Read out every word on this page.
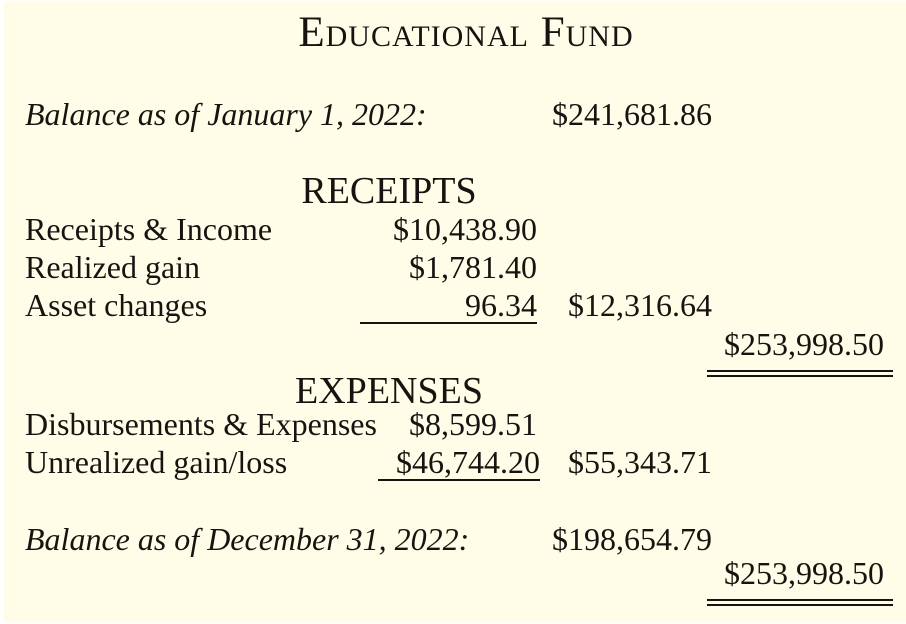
Educational Fund
Balance as of January 1, 2022:	$241,681.86
RECEIPTS
Receipts & Income	$10,438.90
Realized gain	$1,781.40
Asset changes	96.34 $12,316.64
$253,998.50
EXPENSES
Disbursements & Expenses $8,599.51
Unrealized gain/loss	$46,744.20 $55,343.71
Balance as of December 31, 2022:	$198,654.79
$253,998.50
